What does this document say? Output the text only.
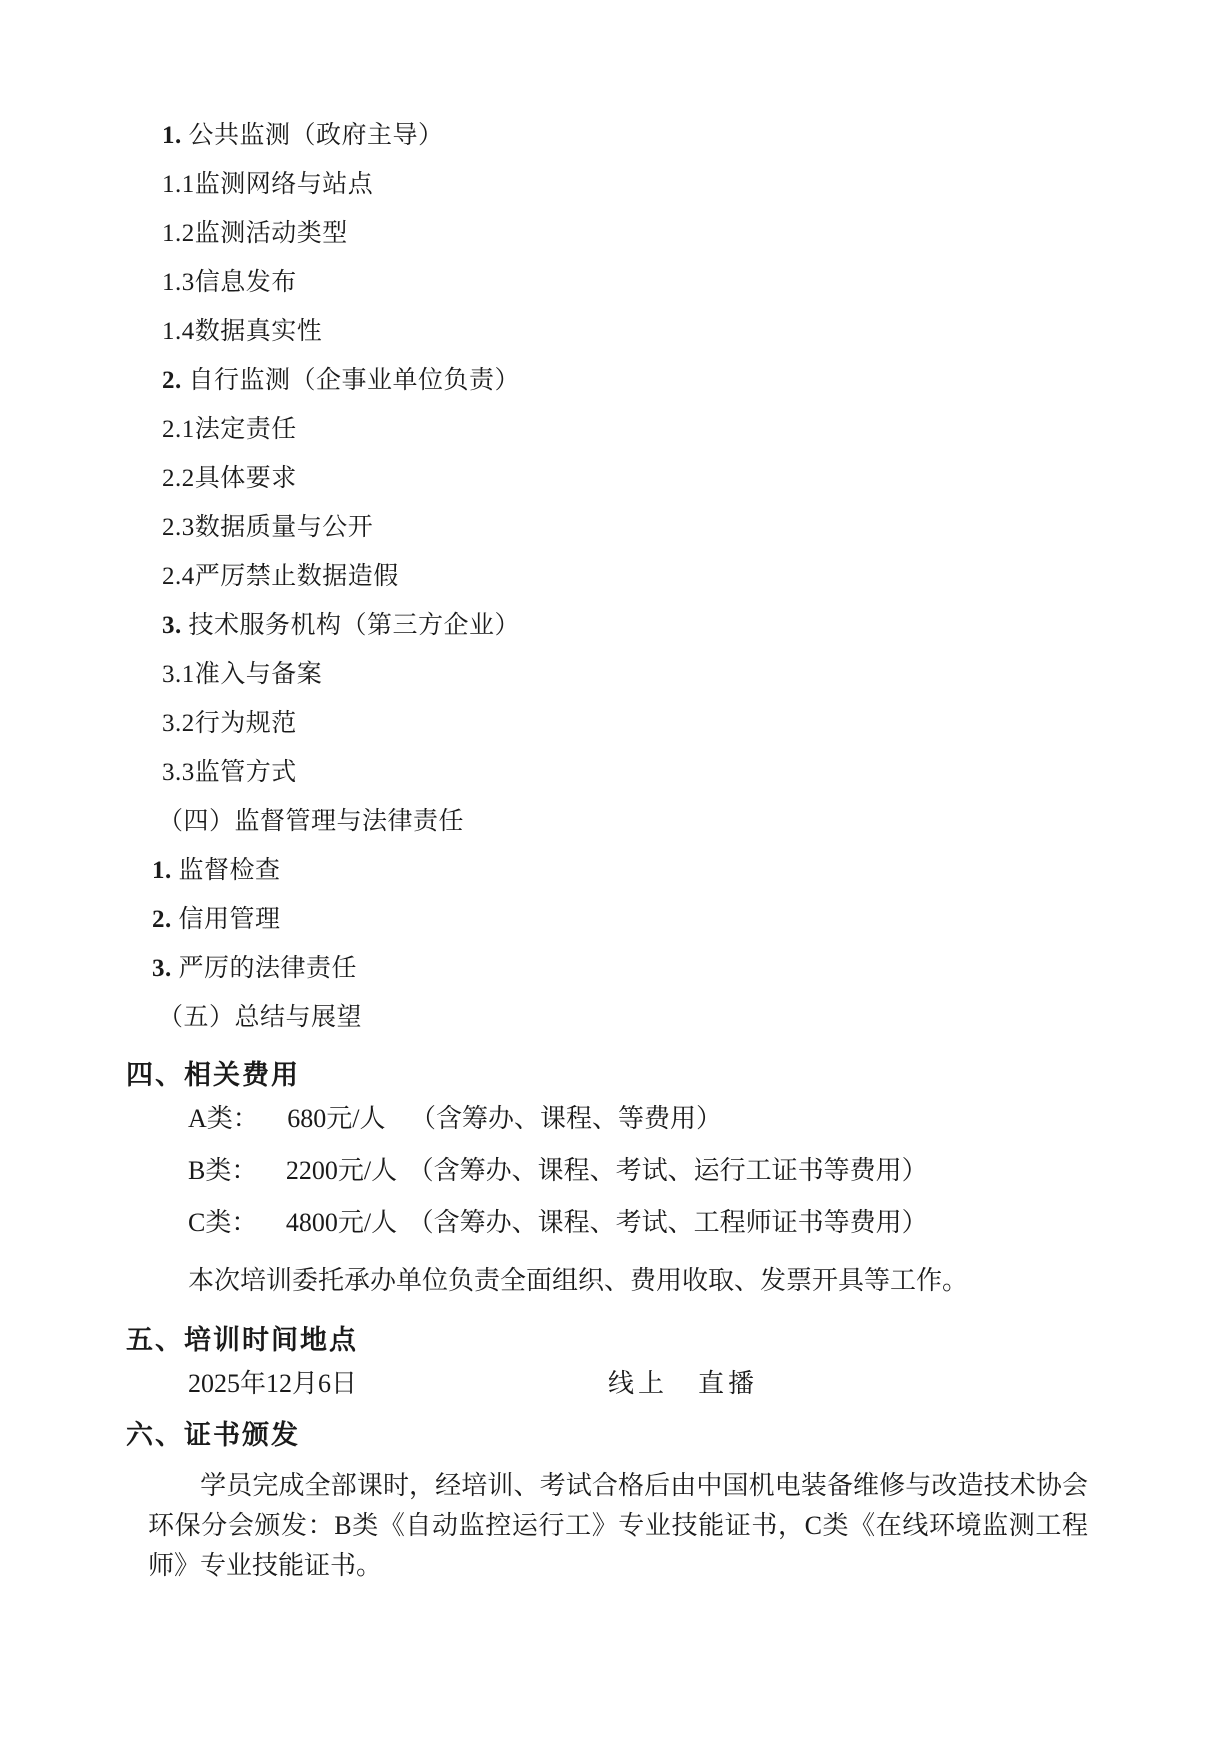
1. 公共监测（政府主导）
1.1监测网络与站点
1.2监测活动类型
1.3信息发布
1.4数据真实性
2. 自行监测（企事业单位负责）
2.1法定责任
2.2具体要求
2.3数据质量与公开
2.4严厉禁止数据造假
3. 技术服务机构（第三方企业）
3.1准入与备案
3.2行为规范
3.3监管方式
（四）监督管理与法律责任
1. 监督检查
2. 信用管理
3. 严厉的法律责任
（五）总结与展望
四、相关费用
A类： 680元/人 （含筹办、课程、等费用）
B类： 2200元/人 （含筹办、课程、考试、运行工证书等费用）
C类： 4800元/人 （含筹办、课程、考试、工程师证书等费用）
本次培训委托承办单位负责全面组织、费用收取、发票开具等工作。
五、培训时间地点
2025年12月6日	线上　直播
六、证书颁发
学员完成全部课时，经培训、考试合格后由中国机电装备维修与改造技术协会环保分会颁发：B类《自动监控运行工》专业技能证书，C类《在线环境监测工程师》专业技能证书。
